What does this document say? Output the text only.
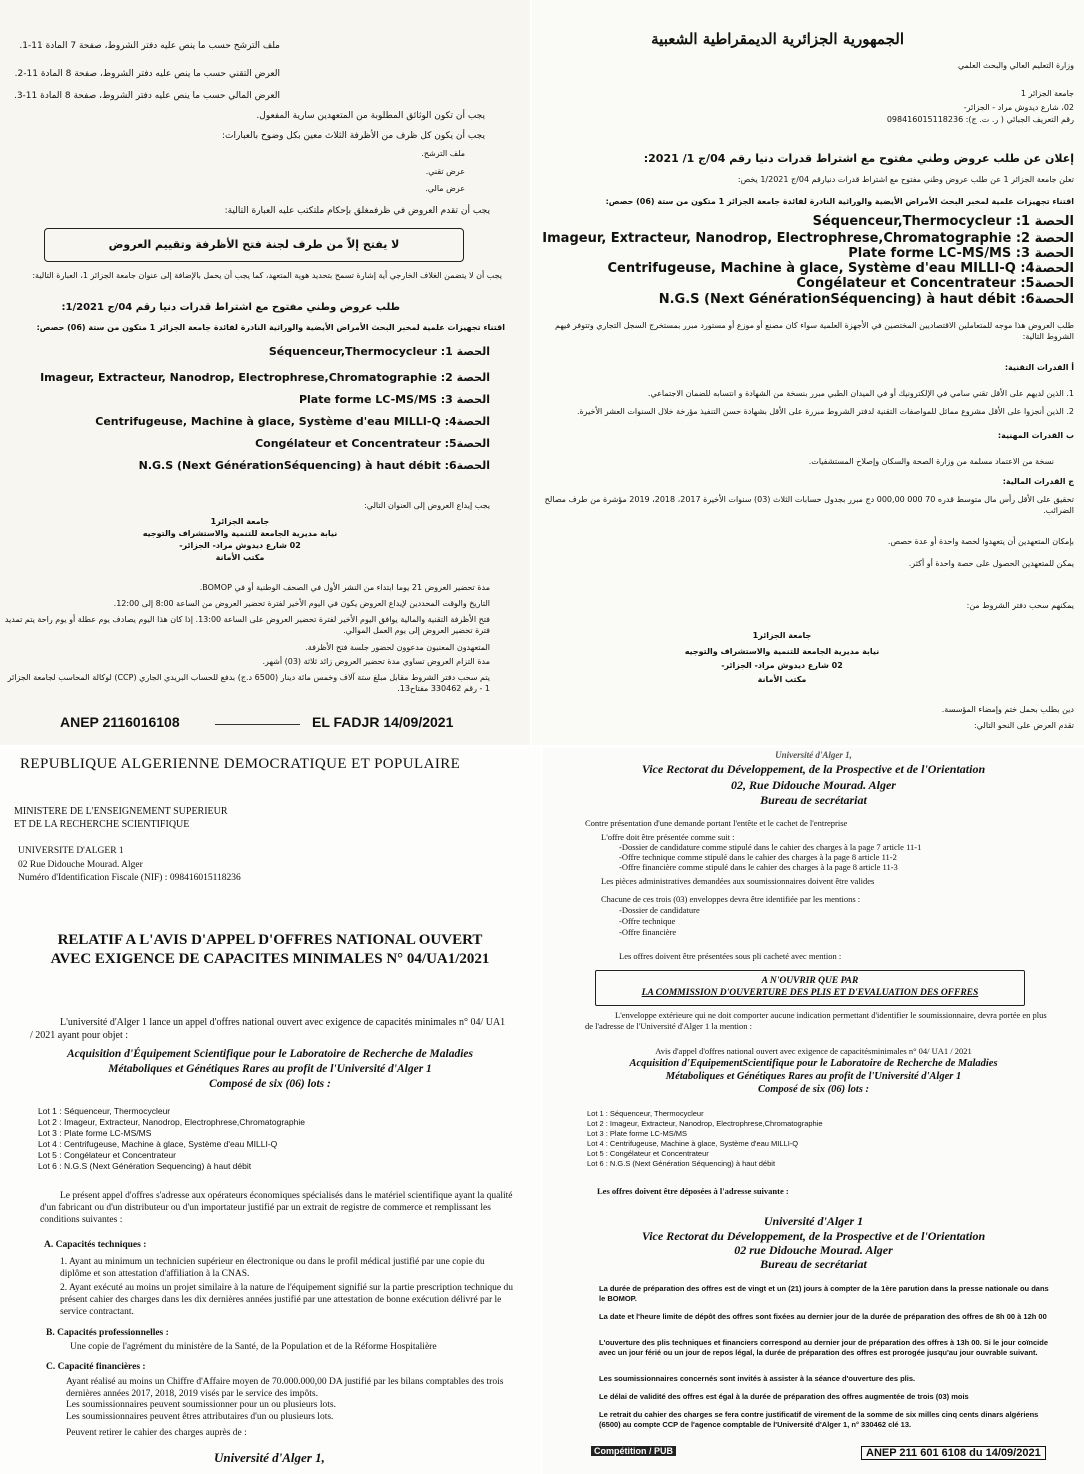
ملف الترشح حسب ما ينص عليه دفتر الشروط، صفحة 7 المادة 11-1.
العرض التقني حسب ما ينص عليه دفتر الشروط، صفحة 8 المادة 11-2.
العرض المالي حسب ما ينص عليه دفتر الشروط، صفحة 8 المادة 11-3.
يجب أن تكون الوثائق المطلوبة من المتعهدين سارية المفعول.
يجب أن يكون كل ظرف من الأظرفة الثلاث معين بكل وضوح بالعبارات:
ملف الترشح.
عرض تقني.
عرض مالي.
يجب أن تقدم العروض في ظرفمغلق بإحكام ملتكتب عليه العبارة التالية:
لا يفتح إلاّ من طرف لجنة فتح الأظرفة وتقييم العروض
يجب أن لا يتضمن الغلاف الخارجي أية إشارة تسمح بتحديد هوية المتعهد، كما يجب أن يحمل بالإضافة إلى عنوان جامعة الجزائر 1، العبارة التالية:
طلب عروض وطني مفتوح مع اشتراط قدرات دنيا رقم 04/ج 1/2021:
اقتناء تجهيزات علمية لمخبر البحث الأمراض الأيضية والوراثية النادرة لفائدة جامعة الجزائر 1 متكون من ستة (06) حصص:
Séquenceur,Thermocycleur :1 الحصة
Imageur, Extracteur, Nanodrop, Electrophrese,Chromatographie :2 الحصة
Plate forme LC-MS/MS :3 الحصة
Centrifugeuse, Machine à glace, Système d'eau MILLI-Q :4الحصة
Congélateur et Concentrateur :5الحصة
N.G.S (Next GénérationSéquencing) à haut débit :6الحصة
يجب إيداع العروض إلى العنوان التالي:
جامعة الجزائر1
نيابة مديرية الجامعة للتنمية والاستشراف والتوجيه
02 شارع ديدوش مراد- الجزائر-
مكتب الأمانة
مدة تحضير العروض 21 يوما ابتداء من النشر الأول في الصحف الوطنية أو في BOMOP.
التاريخ والوقت المحددين لإيداع العروض يكون في اليوم الأخير لفترة تحضير العروض من الساعة 8:00 إلى 12:00.
فتح الأظرفة التقنية والمالية يوافق اليوم الأخير لفترة تحضير العروض على الساعة 13:00. إذا كان هذا اليوم يصادف يوم عطلة أو يوم راحة يتم تمديد فترة تحضير العروض إلى يوم العمل الموالي.
المتعهدون المعنيون مدعوون لحضور جلسة فتح الأظرفة.
مدة التزام العروض تساوي مدة تحضير العروض زائد ثلاثة (03) أشهر.
يتم سحب دفتر الشروط مقابل مبلغ ستة آلاف وخمس مائة دينار (6500 د.ج) بدفع للحساب البريدي الجاري (CCP) لوكالة المحاسب لجامعة الجزائر 1 - رقم 330462 مفتاح13.
ANEP 2116016108	EL FADJR 14/09/2021
الجمهورية الجزائرية الديمقراطية الشعبية
وزارة التعليم العالي والبحث العلمي
جامعة الجزائر 1
02، شارع ديدوش مراد - الجزائر-
رقم التعريف الجبائي ( ر. ت. ج): 098416015118236
إعلان عن طلب عروض وطني مفتوح مع اشتراط قدرات دنيا رقم 04/ج 1/ 2021:
تعلن جامعة الجزائر 1 عن طلب عروض وطني مفتوح مع اشتراط قدرات دنيارقم 04/ج 1/2021 يخص:
اقتناء تجهيزات علمية لمخبر البحث الأمراض الأيضية والوراثية النادرة لفائدة جامعة الجزائر 1 متكون من ستة (06) حصص:
Séquenceur,Thermocycleur :1 الحصة
Imageur, Extracteur, Nanodrop, Electrophrese,Chromatographie :2 الحصة
Plate forme LC-MS/MS :3 الحصة
Centrifugeuse, Machine à glace, Système d'eau MILLI-Q :4الحصة
Congélateur et Concentrateur :5الحصة
N.G.S (Next GénérationSéquencing) à haut débit :6الحصة
طلب العروض هذا موجه للمتعاملين الاقتصاديين المختصين في الأجهزة العلمية سواء كان مصنع أو موزع أو مستورد مبرر بمستخرج السجل التجاري وتتوفر فيهم الشروط التالية:
أ القدرات التقنية:
1. الذين لديهم على الأقل تقني سامي في الإلكترونيك أو في الميدان الطبي مبرر بنسخة من الشهادة و انتسابه للضمان الاجتماعي.
2. الذين أنجزوا على الأقل مشروع مماثل للمواصفات التقنية لدفتر الشروط مبررة على الأقل بشهادة حسن التنفيذ مؤرخة خلال السنوات العشر الأخيرة.
ب القدرات المهنية:
نسخة من الاعتماد مسلمة من وزارة الصحة والسكان وإصلاح المستشفيات.
ج القدرات المالية:
تحقيق على الأقل رأس مال متوسط قدره 70 000 000,00 دج مبرر بجدول حسابات الثلاث (03) سنوات الأخيرة 2017، 2018، 2019 مؤشرة من طرف مصالح الضرائب.
بإمكان المتعهدين أن يتعهدوا لحصة واحدة أو عدة حصص.
يمكن للمتعهدين الحصول على حصة واحدة أو أكثر.
يمكنهم سحب دفتر الشروط من:
جامعة الجزائر1
نيابة مديرية الجامعة للتنمية والاستشراف والتوجيه
02 شارع ديدوش مراد- الجزائر-
مكتب الأمانة
دين بطلب بحمل ختم وإمضاء المؤسسة.
تقدم العرض على النحو التالي:
REPUBLIQUE ALGERIENNE DEMOCRATIQUE ET POPULAIRE
MINISTERE DE L'ENSEIGNEMENT SUPERIEUR
ET DE LA RECHERCHE SCIENTIFIQUE
UNIVERSITE D'ALGER 1
02 Rue Didouche Mourad. Alger
Numéro d'Identification Fiscale (NIF) : 098416015118236
RELATIF A L'AVIS D'APPEL D'OFFRES NATIONAL OUVERT
AVEC EXIGENCE DE CAPACITES MINIMALES N° 04/UA1/2021
L'université d'Alger 1 lance un appel d'offres national ouvert avec exigence de capacités minimales n° 04/ UA1 / 2021 ayant pour objet :
Acquisition d'Équipement Scientifique pour le Laboratoire de Recherche de Maladies
Métaboliques et Génétiques Rares au profit de l'Université d'Alger 1
Composé de six (06) lots :
Lot 1 : Séquenceur, Thermocycleur
Lot 2 : Imageur, Extracteur, Nanodrop, Electrophrese,Chromatographie
Lot 3 : Plate forme LC-MS/MS
Lot 4 : Centrifugeuse, Machine à glace, Système d'eau MILLI-Q
Lot 5 : Congélateur et Concentrateur
Lot 6 : N.G.S (Next Génération Sequencing) à haut débit
Le présent appel d'offres s'adresse aux opérateurs économiques spécialisés dans le matériel scientifique ayant la qualité d'un fabricant ou d'un distributeur ou d'un importateur justifié par un extrait de registre de commerce et remplissant les conditions suivantes :
A. Capacités techniques :
1. Ayant au minimum un technicien supérieur en électronique ou dans le profil médical justifié par une copie du diplôme et son attestation d'affiliation à la CNAS.
2. Ayant exécuté au moins un projet similaire à la nature de l'équipement signifié sur la partie prescription technique du présent cahier des charges dans les dix dernières années justifié par une attestation de bonne exécution délivré par le service contractant.
B. Capacités professionnelles :
Une copie de l'agrément du ministère de la Santé, de la Population et de la Réforme Hospitalière
C. Capacité financières :
Ayant réalisé au moins un Chiffre d'Affaire moyen de 70.000.000,00 DA justifié par les bilans comptables des trois dernières années 2017, 2018, 2019 visés par le service des impôts.
Les soumissionnaires peuvent soumissionner pour un ou plusieurs lots.
Les soumissionnaires peuvent êtres attributaires d'un ou plusieurs lots.
Peuvent retirer le cahier des charges auprès de :
Université d'Alger 1,
Université d'Alger 1,
Vice Rectorat du Développement, de la Prospective et de l'Orientation
02, Rue Didouche Mourad. Alger
Bureau de secrétariat
Contre présentation d'une demande portant l'entête et le cachet de l'entreprise
L'offre doit être présentée comme suit :
-Dossier de candidature comme stipulé dans le cahier des charges à la page 7 article 11-1
-Offre technique comme stipulé dans le cahier des charges à la page 8 article 11-2
-Offre financière comme stipulé dans le cahier des charges à la page 8 article 11-3
Les pièces administratives demandées aux soumissionnaires doivent être valides
Chacune de ces trois (03) enveloppes devra être identifiée par les mentions :
-Dossier de candidature
-Offre technique
-Offre financière
Les offres doivent être présentées sous pli cacheté avec mention :
A N'OUVRIR QUE PAR
LA COMMISSION D'OUVERTURE DES PLIS ET D'EVALUATION DES OFFRES
L'enveloppe extérieure qui ne doit comporter aucune indication permettant d'identifier le soumissionnaire, devra portée en plus de l'adresse de l'Université d'Alger 1 la mention :
Avis d'appel d'offres national ouvert avec exigence de capacitésminimales n° 04/ UA1 / 2021
Acquisition d'EquipementScientifique pour le Laboratoire de Recherche de Maladies
Métaboliques et Génétiques Rares au profit de l'Université d'Alger 1
Composé de six (06) lots :
Lot 1 : Séquenceur, Thermocycleur
Lot 2 : Imageur, Extracteur, Nanodrop, Electrophrese,Chromatographie
Lot 3 : Plate forme LC-MS/MS
Lot 4 : Centrifugeuse, Machine à glace, Système d'eau MILLI-Q
Lot 5 : Congélateur et Concentrateur
Lot 6 : N.G.S (Next Génération Séquencing) à haut débit
Les offres doivent être déposées à l'adresse suivante :
Université d'Alger 1
Vice Rectorat du Développement, de la Prospective et de l'Orientation
02 rue Didouche Mourad. Alger
Bureau de secrétariat
La durée de préparation des offres est de vingt et un (21) jours à compter de la 1ère parution dans la presse nationale ou dans le BOMOP.
La date et l'heure limite de dépôt des offres sont fixées au dernier jour de la durée de préparation des offres de 8h 00 à 12h 00
L'ouverture des plis techniques et financiers correspond au dernier jour de préparation des offres à 13h 00. Si le jour coïncide avec un jour férié ou un jour de repos légal, la durée de préparation des offres est prorogée jusqu'au jour ouvrable suivant.
Les soumissionnaires concernés sont invités à assister à la séance d'ouverture des plis.
Le délai de validité des offres est égal à la durée de préparation des offres augmentée de trois (03) mois
Le retrait du cahier des charges se fera contre justificatif de virement de la somme de six milles cinq cents dinars algériens (6500) au compte CCP de l'agence comptable de l'Université d'Alger 1, n° 330462 clé 13.
Compétition / PUB	ANEP 211 601 6108 du 14/09/2021
